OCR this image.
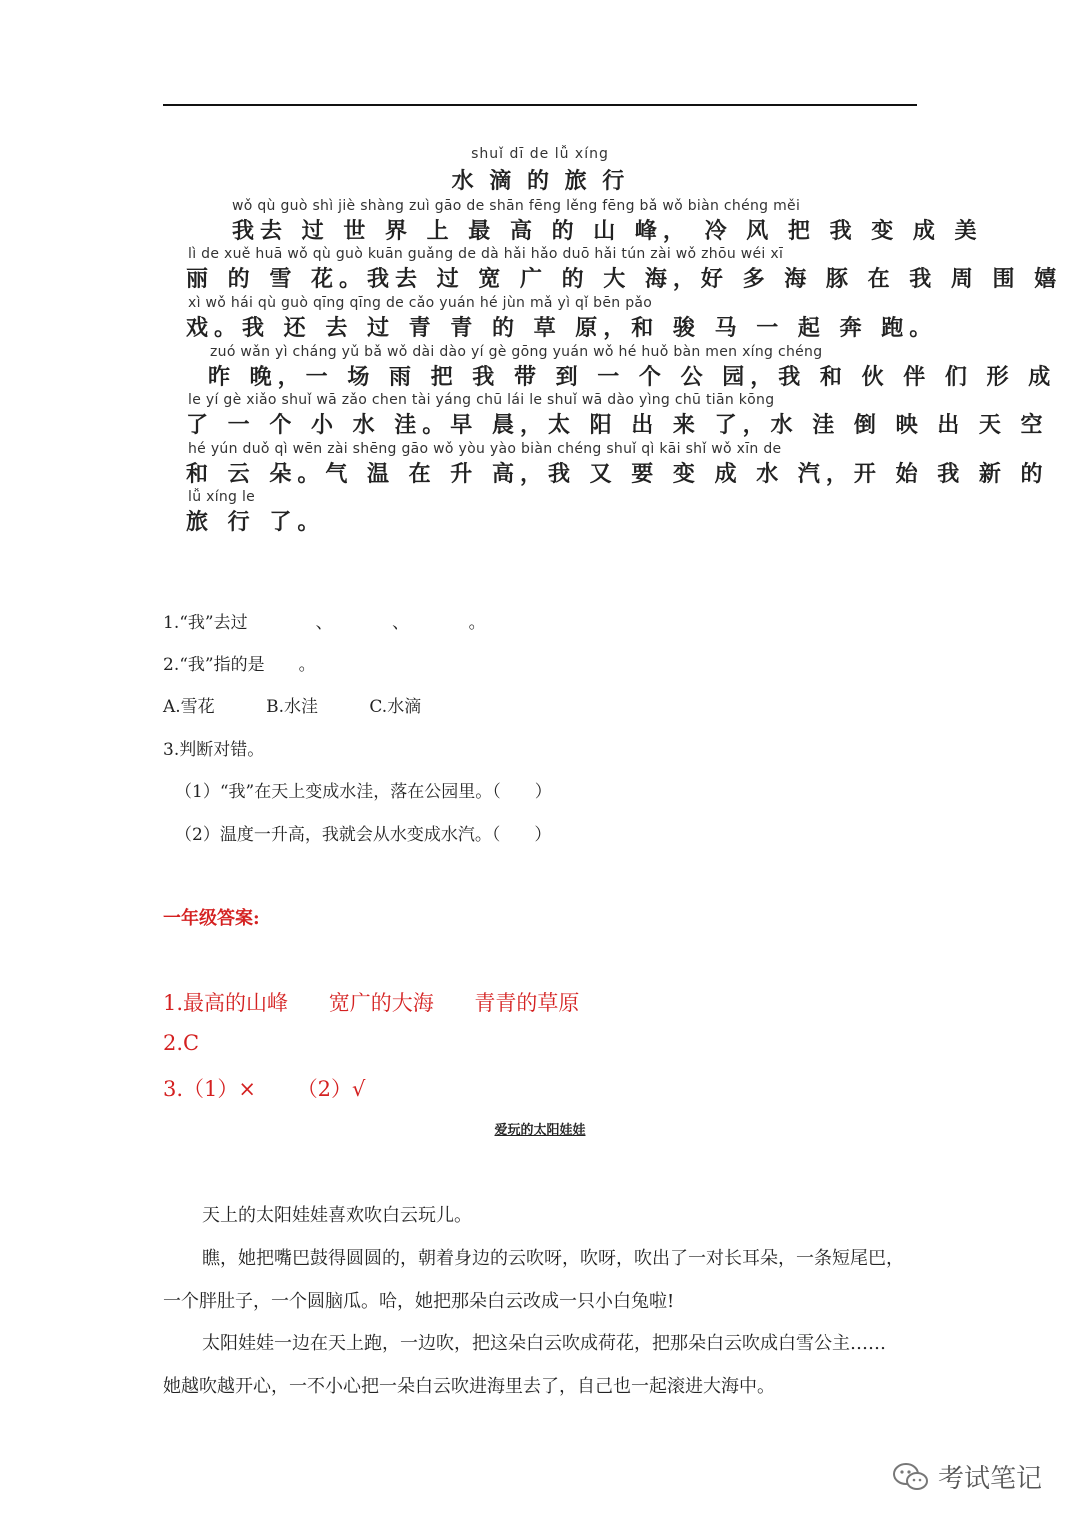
shuǐ dī de lǚ xíng
水 滴 的 旅 行
wǒ qù guò shì jiè shàng zuì gāo de shān fēng lěng fēng bǎ wǒ biàn chéng měi
我去 过 世 界 上 最 高 的 山 峰， 冷 风 把 我 变 成 美
lì de xuě huā wǒ qù guò kuān guǎng de dà hǎi hǎo duō hǎi tún zài wǒ zhōu wéi xī
丽 的 雪 花。我去 过 宽 广 的 大 海，好 多 海 豚 在 我 周 围 嬉
xì wǒ hái qù guò qīng qīng de cǎo yuán hé jùn mǎ yì qǐ bēn pǎo
戏。我 还 去 过 青 青 的 草 原，和 骏 马 一 起 奔 跑。
zuó wǎn yì cháng yǔ bǎ wǒ dài dào yí gè gōng yuán wǒ hé huǒ bàn men xíng chéng
昨 晚，一 场 雨 把 我 带 到 一 个 公 园，我 和 伙 伴 们 形 成
le yí gè xiǎo shuǐ wā zǎo chen tài yáng chū lái le shuǐ wā dào yìng chū tiān kōng
了 一 个 小 水 洼。早 晨，太 阳 出 来 了，水 洼 倒 映 出 天 空
hé yún duǒ qì wēn zài shēng gāo wǒ yòu yào biàn chéng shuǐ qì kāi shǐ wǒ xīn de
和 云 朵。气 温 在 升 高，我 又 要 变 成 水 汽，开 始 我 新 的
lǚ xíng le
旅 行 了。
1.“我”去过　　　　、　　　　、　　　　。
2.“我”指的是　　。
A.雪花	B.水洼	C.水滴
3.判断对错。
（1）“我”在天上变成水洼，落在公园里。（　　）
（2）温度一升高，我就会从水变成水汽。（　　）
一年级答案:
1.最高的山峰 宽广的大海 青青的草原
2.C
3.（1）× （2）√
爱玩的太阳娃娃
天上的太阳娃娃喜欢吹白云玩儿。
瞧，她把嘴巴鼓得圆圆的，朝着身边的云吹呀，吹呀，吹出了一对长耳朵，一条短尾巴，
一个胖肚子，一个圆脑瓜。哈，她把那朵白云改成一只小白兔啦!
太阳娃娃一边在天上跑，一边吹，把这朵白云吹成荷花，把那朵白云吹成白雪公主……
她越吹越开心，一不小心把一朵白云吹进海里去了，自己也一起滚进大海中。
考试笔记
